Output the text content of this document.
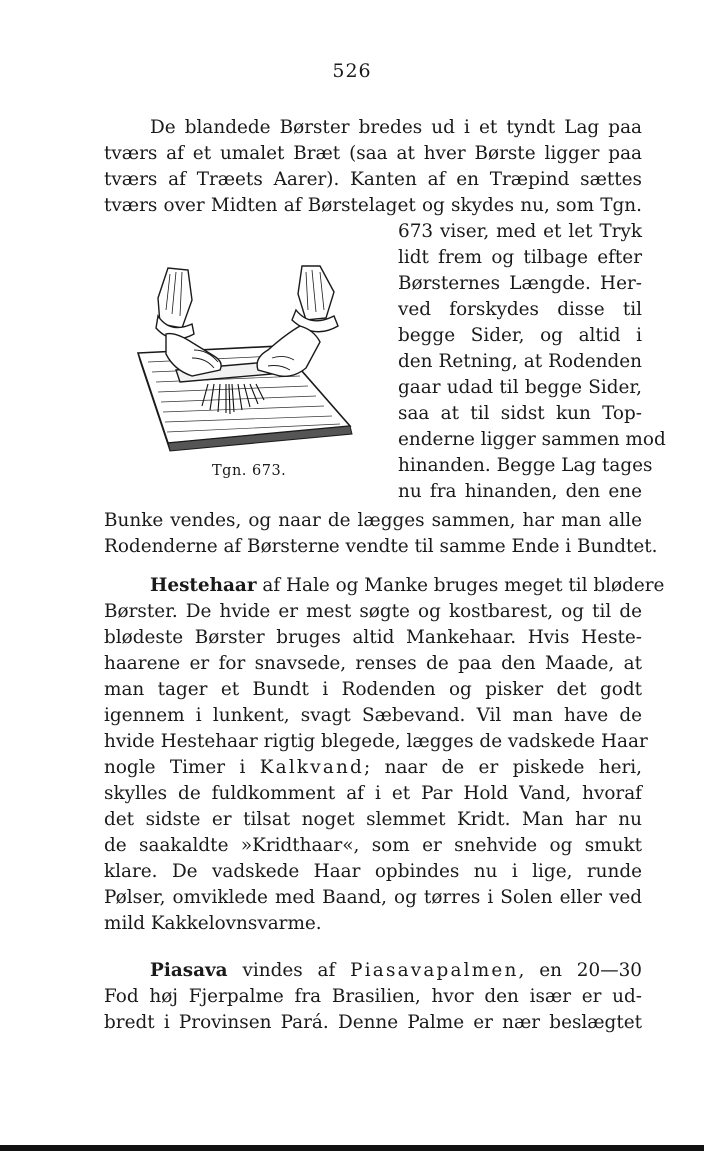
526
De blandede Børster bredes ud i et tyndt Lag paa
tværs af et umalet Bræt (saa at hver Børste ligger paa
tværs af Træets Aarer). Kanten af en Træpind sættes
tværs over Midten af Børstelaget og skydes nu, som Tgn.
673 viser, med et let Tryk
lidt frem og tilbage efter
Børsternes Længde. Her-
ved forskydes disse til
begge Sider, og altid i
den Retning, at Rodenden
gaar udad til begge Sider,
saa at til sidst kun Top-
enderne ligger sammen mod
hinanden. Begge Lag tages
nu fra hinanden, den ene
Bunke vendes, og naar de lægges sammen, har man alle
Rodenderne af Børsterne vendte til samme Ende i Bundtet.
Tgn. 673.
Hestehaar af Hale og Manke bruges meget til blødere
Børster. De hvide er mest søgte og kostbarest, og til de
blødeste Børster bruges altid Mankehaar. Hvis Heste-
haarene er for snavsede, renses de paa den Maade, at
man tager et Bundt i Rodenden og pisker det godt
igennem i lunkent, svagt Sæbevand. Vil man have de
hvide Hestehaar rigtig blegede, lægges de vadskede Haar
nogle Timer i Kalkvand; naar de er piskede heri,
skylles de fuldkomment af i et Par Hold Vand, hvoraf
det sidste er tilsat noget slemmet Kridt. Man har nu
de saakaldte »Kridthaar«, som er snehvide og smukt
klare. De vadskede Haar opbindes nu i lige, runde
Pølser, omviklede med Baand, og tørres i Solen eller ved
mild Kakkelovnsvarme.
Piasava vindes af Piasavapalmen, en 20—30
Fod høj Fjerpalme fra Brasilien, hvor den især er ud-
bredt i Provinsen Pará. Denne Palme er nær beslægtet
